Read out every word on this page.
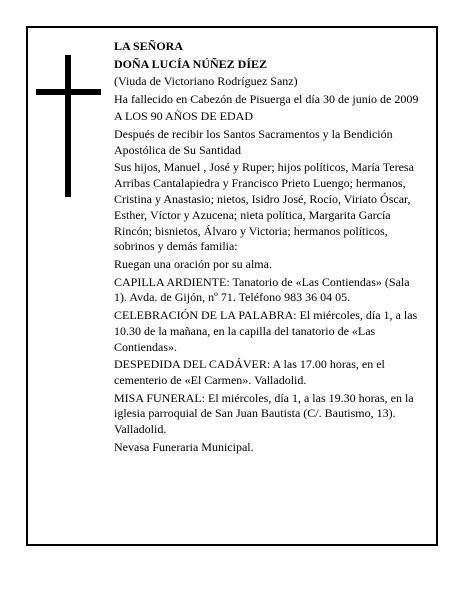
LA SEÑORA

DOÑA LUCÍA NÚÑEZ DÍEZ

(Viuda de Victoriano Rodríguez Sanz)

Ha fallecido en Cabezón de Pisuerga el día 30 de junio de 2009

A LOS 90 AÑOS DE EDAD

Después de recibir los Santos Sacramentos y la Bendición Apostólica de Su Santidad

Sus hijos, Manuel , José y Ruper; hijos políticos, María Teresa Arribas Cantalapiedra y Francisco Prieto Luengo; hermanos, Cristina y Anastasio; nietos, Isidro José, Rocío, Viriato Óscar, Esther, Víctor y Azucena; nieta política, Margarita García Rincón; bisnietos, Álvaro y Victoria; hermanos políticos, sobrinos y demás familia:

Ruegan una oración por su alma.

CAPILLA ARDIENTE: Tanatorio de «Las Contiendas» (Sala 1). Avda. de Gijón, nº 71. Teléfono 983 36 04 05.

CELEBRACIÓN DE LA PALABRA: El miércoles, día 1, a las 10.30 de la mañana, en la capilla del tanatorio de «Las Contiendas».

DESPEDIDA DEL CADÁVER: A las 17.00 horas, en el cementerio de «El Carmen». Valladolid.

MISA FUNERAL: El miércoles, día 1, a las 19.30 horas, en la iglesia parroquial de San Juan Bautista (C/. Bautismo, 13). Valladolid.

Nevasa Funeraria Municipal.
